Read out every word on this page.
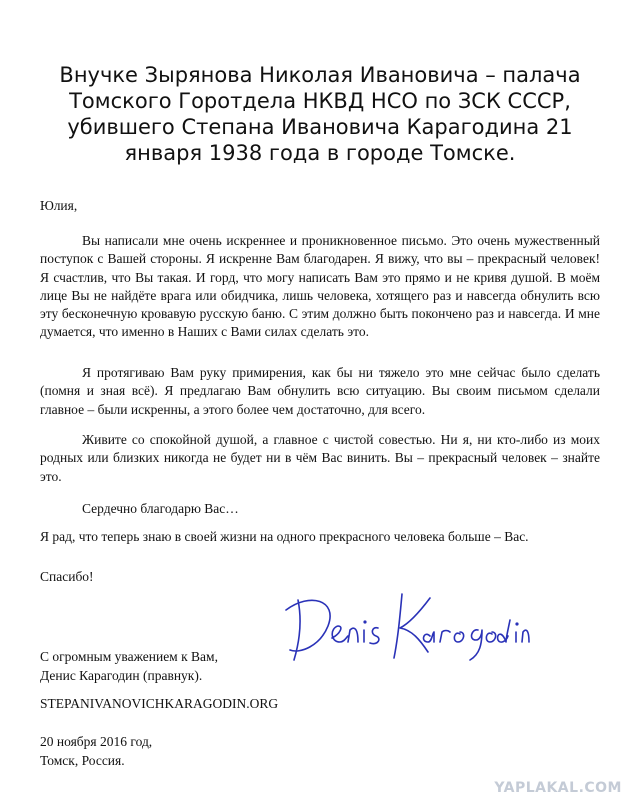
Внучке Зырянова Николая Ивановича – палача Томского Горотдела НКВД НСО по ЗСК СССР, убившего Степана Ивановича Карагодина 21 января 1938 года в городе Томске.
Юлия,

Вы написали мне очень искреннее и проникновенное письмо. Это очень мужественный поступок с Вашей стороны. Я искренне Вам благодарен. Я вижу, что вы – прекрасный человек! Я счастлив, что Вы такая. И горд, что могу написать Вам это прямо и не кривя душой. В моём лице Вы не найдёте врага или обидчика, лишь человека, хотящего раз и навсегда обнулить всю эту бесконечную кровавую русскую баню. С этим должно быть покончено раз и навсегда. И мне думается, что именно в Наших с Вами силах сделать это.

Я протягиваю Вам руку примирения, как бы ни тяжело это мне сейчас было сделать (помня и зная всё). Я предлагаю Вам обнулить всю ситуацию. Вы своим письмом сделали главное – были искренны, а этого более чем достаточно, для всего.

Живите со спокойной душой, а главное с чистой совестью. Ни я, ни кто-либо из моих родных или близких никогда не будет ни в чём Вас винить. Вы – прекрасный человек – знайте это.

Сердечно благодарю Вас…

Я рад, что теперь знаю в своей жизни на одного прекрасного человека больше – Вас.
Спасибо!
С огромным уважением к Вам,
Денис Карагодин (правнук).
STEPANIVANOVICHKARAGODIN.ORG
20 ноября 2016 год,
Томск, Россия.
YAPLAKAL.COM
